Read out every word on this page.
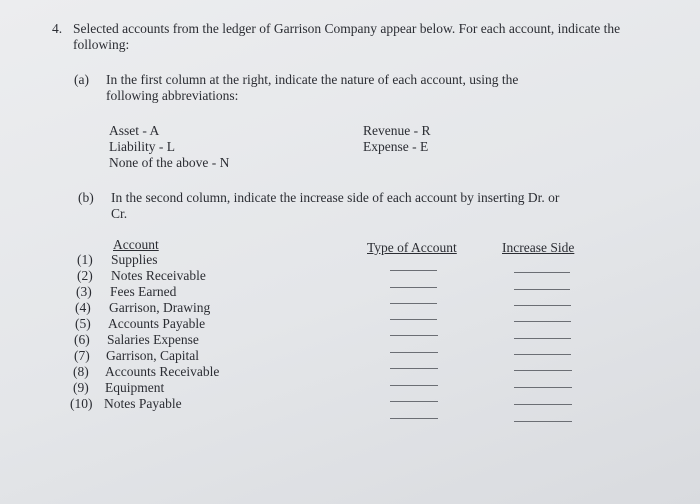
4. Selected accounts from the ledger of Garrison Company appear below. For each account, indicate the
following:
(a) In the first column at the right, indicate the nature of each account, using the
following abbreviations:
Asset - A
Liability - L
None of the above - N
Revenue - R
Expense - E
(b) In the second column, indicate the increase side of each account by inserting Dr. or
Cr.
Account	Type of Account	Increase Side
(1) Supplies
(2) Notes Receivable
(3) Fees Earned
(4) Garrison, Drawing
(5) Accounts Payable
(6) Salaries Expense
(7) Garrison, Capital
(8) Accounts Receivable
(9) Equipment
(10) Notes Payable
